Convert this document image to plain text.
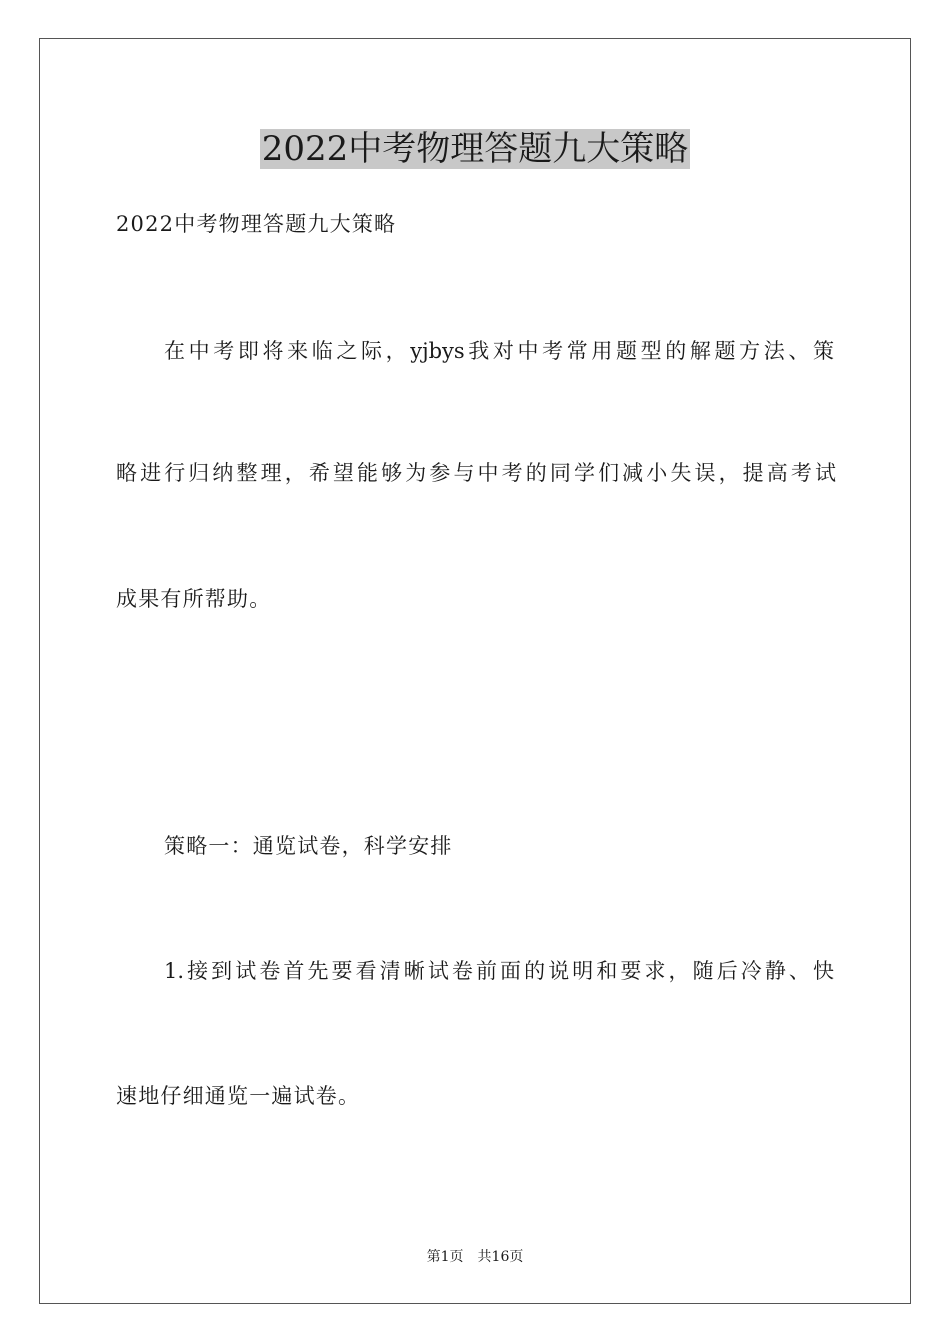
2022中考物理答题九大策略

2022中考物理答题九大策略

在中考即将来临之际，yjbys我对中考常用题型的解题方法、策

略进行归纳整理，希望能够为参与中考的同学们减小失误，提高考试

成果有所帮助。

策略一：通览试卷，科学安排

1.接到试卷首先要看清晰试卷前面的说明和要求，随后冷静、快

速地仔细通览一遍试卷。

第1页 共16页
